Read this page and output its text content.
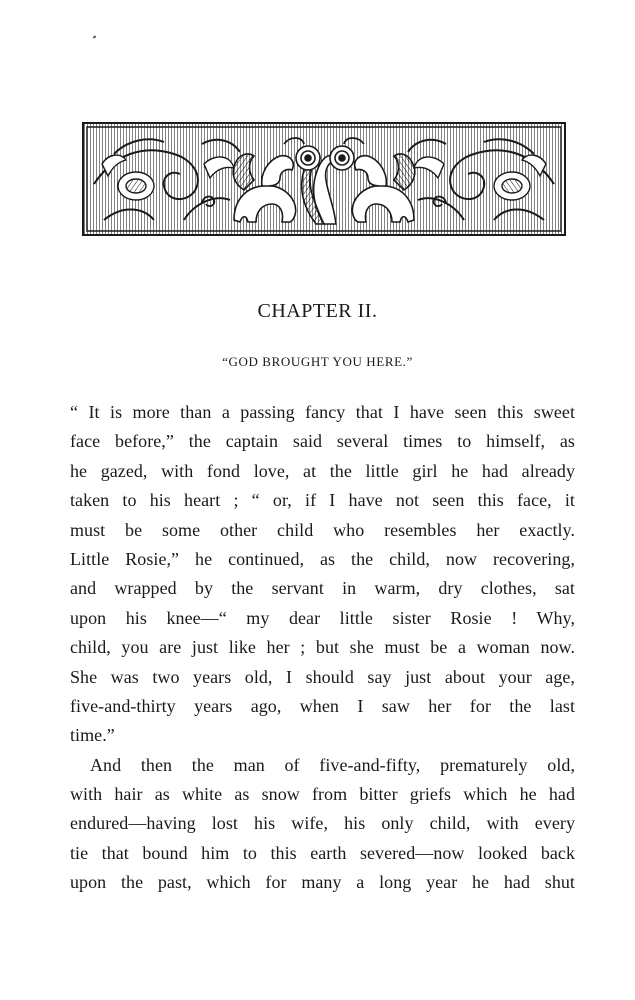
CHAPTER II.
“GOD BROUGHT YOU HERE.”
“ It is more than a passing fancy that I have seen this sweet
face before,” the captain said several times to himself, as
he gazed, with fond love, at the little girl he had already
taken to his heart ; “ or, if I have not seen this face, it
must be some other child who resembles her exactly.
Little Rosie,” he continued, as the child, now recovering,
and wrapped by the servant in warm, dry clothes, sat
upon his knee—“ my dear little sister Rosie ! Why,
child, you are just like her ; but she must be a woman now.
She was two years old, I should say just about your age,
five-and-thirty years ago, when I saw her for the last
time.”
And then the man of five-and-fifty, prematurely old,
with hair as white as snow from bitter griefs which he had
endured—having lost his wife, his only child, with every
tie that bound him to this earth severed—now looked back
upon the past, which for many a long year he had shut
